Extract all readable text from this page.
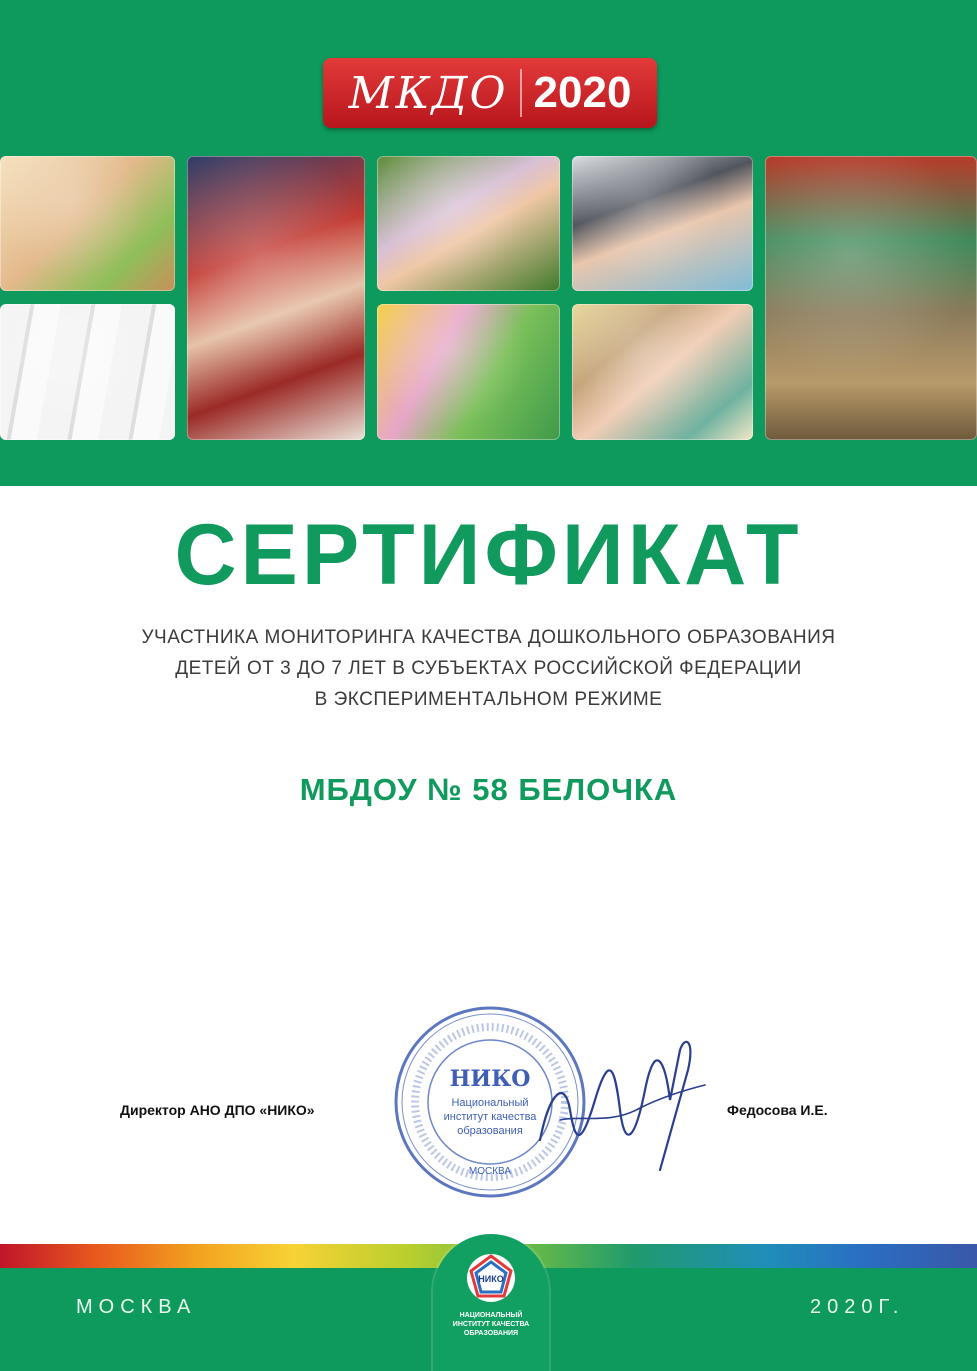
МКДО 2020
СЕРТИФИКАТ
УЧАСТНИКА МОНИТОРИНГА КАЧЕСТВА ДОШКОЛЬНОГО ОБРАЗОВАНИЯ
ДЕТЕЙ ОТ 3 ДО 7 ЛЕТ В СУБЪЕКТАХ РОССИЙСКОЙ ФЕДЕРАЦИИ
В ЭКСПЕРИМЕНТАЛЬНОМ РЕЖИМЕ
МБДОУ № 58 БЕЛОЧКА
Директор АНО ДПО «НИКО»	Федосова И.Е.
НИКО
Национальный
институт качества
образования
МОСКВА
МОСКВА	2020Г.
НИКО
НАЦИОНАЛЬНЫЙ
ИНСТИТУТ КАЧЕСТВА
ОБРАЗОВАНИЯ
